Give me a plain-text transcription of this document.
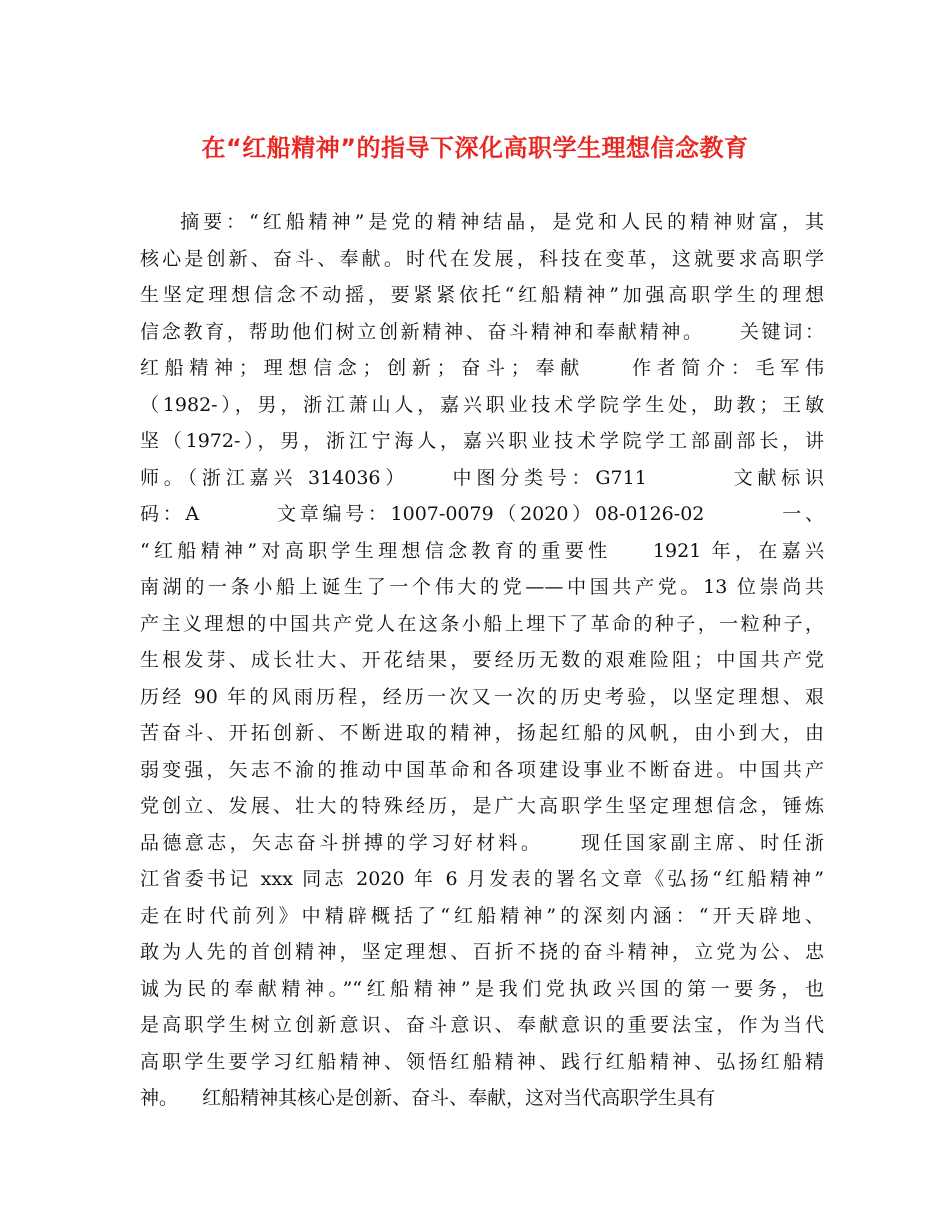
在“红船精神”的指导下深化高职学生理想信念教育
摘要：“红船精神”是党的精神结晶，是党和人民的精神财富，其
核心是创新、奋斗、奉献。时代在发展，科技在变革，这就要求高职学
生坚定理想信念不动摇，要紧紧依托“红船精神”加强高职学生的理想
信念教育，帮助他们树立创新精神、奋斗精神和奉献精神。    关键词：
红船精神；理想信念；创新；奋斗；奉献    作者简介：毛军伟
（1982-），男，浙江萧山人，嘉兴职业技术学院学生处，助教；王敏
坚（1972-），男，浙江宁海人，嘉兴职业技术学院学工部副部长，讲
师。（浙江嘉兴 314036）    中图分类号：G711        文献标识
码：A        文章编号：1007-0079（2020）08-0126-02        一、
“红船精神”对高职学生理想信念教育的重要性    1921 年，在嘉兴
南湖的一条小船上诞生了一个伟大的党——中国共产党。13 位崇尚共
产主义理想的中国共产党人在这条小船上埋下了革命的种子，一粒种子，
生根发芽、成长壮大、开花结果，要经历无数的艰难险阻；中国共产党
历经 90 年的风雨历程，经历一次又一次的历史考验，以坚定理想、艰
苦奋斗、开拓创新、不断进取的精神，扬起红船的风帆，由小到大，由
弱变强，矢志不渝的推动中国革命和各项建设事业不断奋进。中国共产
党创立、发展、壮大的特殊经历，是广大高职学生坚定理想信念，锤炼
品德意志，矢志奋斗拼搏的学习好材料。    现任国家副主席、时任浙
江省委书记 xxx 同志 2020 年 6 月发表的署名文章《弘扬“红船精神”
走在时代前列》中精辟概括了“红船精神”的深刻内涵：“开天辟地、
敢为人先的首创精神，坚定理想、百折不挠的奋斗精神，立党为公、忠
诚为民的奉献精神。”“红船精神”是我们党执政兴国的第一要务，也
是高职学生树立创新意识、奋斗意识、奉献意识的重要法宝，作为当代
高职学生要学习红船精神、领悟红船精神、践行红船精神、弘扬红船精
神。    红船精神其核心是创新、奋斗、奉献，这对当代高职学生具有
